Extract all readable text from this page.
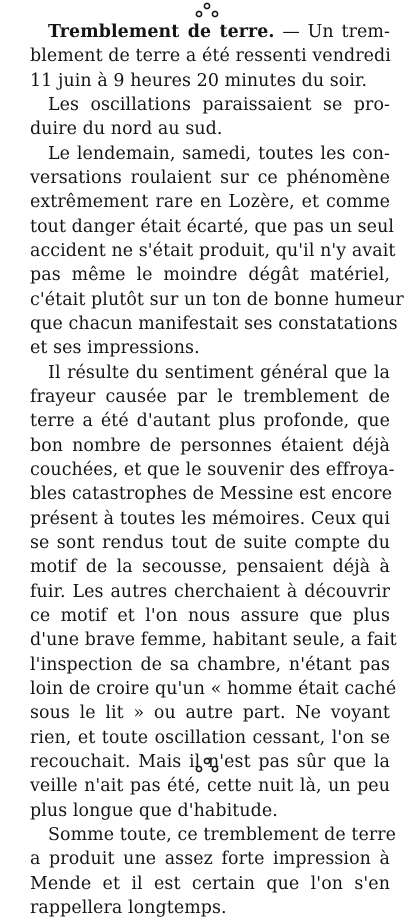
Tremblement de terre. — Un trem-
blement de terre a été ressenti vendredi
11 juin à 9 heures 20 minutes du soir.
Les oscillations paraissaient se pro-
duire du nord au sud.
Le lendemain, samedi, toutes les con-
versations roulaient sur ce phénomène
extrêmement rare en Lozère, et comme
tout danger était écarté, que pas un seul
accident ne s'était produit, qu'il n'y avait
pas même le moindre dégât matériel,
c'était plutôt sur un ton de bonne humeur
que chacun manifestait ses constatations
et ses impressions.
Il résulte du sentiment général que la
frayeur causée par le tremblement de
terre a été d'autant plus profonde, que
bon nombre de personnes étaient déjà
couchées, et que le souvenir des effroya-
bles catastrophes de Messine est encore
présent à toutes les mémoires. Ceux qui
se sont rendus tout de suite compte du
motif de la secousse, pensaient déjà à
fuir. Les autres cherchaient à découvrir
ce motif et l'on nous assure que plus
d'une brave femme, habitant seule, a fait
l'inspection de sa chambre, n'étant pas
loin de croire qu'un « homme était caché
sous le lit » ou autre part. Ne voyant
rien, et toute oscillation cessant, l'on se
recouchait. Mais il n'est pas sûr que la
veille n'ait pas été, cette nuit là, un peu
plus longue que d'habitude.
Somme toute, ce tremblement de terre
a produit une assez forte impression à
Mende et il est certain que l'on s'en
rappellera longtemps.
